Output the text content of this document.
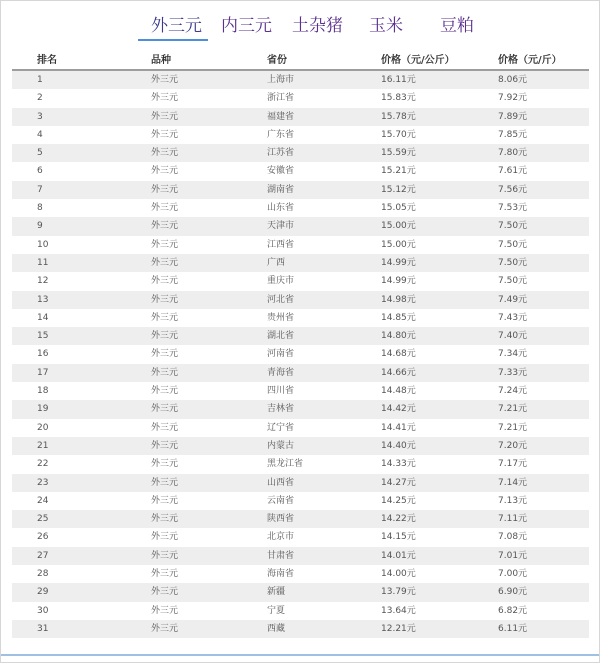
外三元 内三元 土杂猪 玉米 豆粕
排名	品种	省份	价格（元/公斤）	价格（元/斤）
1	外三元	上海市	16.11元	8.06元
2	外三元	浙江省	15.83元	7.92元
3	外三元	福建省	15.78元	7.89元
4	外三元	广东省	15.70元	7.85元
5	外三元	江苏省	15.59元	7.80元
6	外三元	安徽省	15.21元	7.61元
7	外三元	湖南省	15.12元	7.56元
8	外三元	山东省	15.05元	7.53元
9	外三元	天津市	15.00元	7.50元
10	外三元	江西省	15.00元	7.50元
11	外三元	广西	14.99元	7.50元
12	外三元	重庆市	14.99元	7.50元
13	外三元	河北省	14.98元	7.49元
14	外三元	贵州省	14.85元	7.43元
15	外三元	湖北省	14.80元	7.40元
16	外三元	河南省	14.68元	7.34元
17	外三元	青海省	14.66元	7.33元
18	外三元	四川省	14.48元	7.24元
19	外三元	吉林省	14.42元	7.21元
20	外三元	辽宁省	14.41元	7.21元
21	外三元	内蒙古	14.40元	7.20元
22	外三元	黑龙江省	14.33元	7.17元
23	外三元	山西省	14.27元	7.14元
24	外三元	云南省	14.25元	7.13元
25	外三元	陕西省	14.22元	7.11元
26	外三元	北京市	14.15元	7.08元
27	外三元	甘肃省	14.01元	7.01元
28	外三元	海南省	14.00元	7.00元
29	外三元	新疆	13.79元	6.90元
30	外三元	宁夏	13.64元	6.82元
31	外三元	西藏	12.21元	6.11元
